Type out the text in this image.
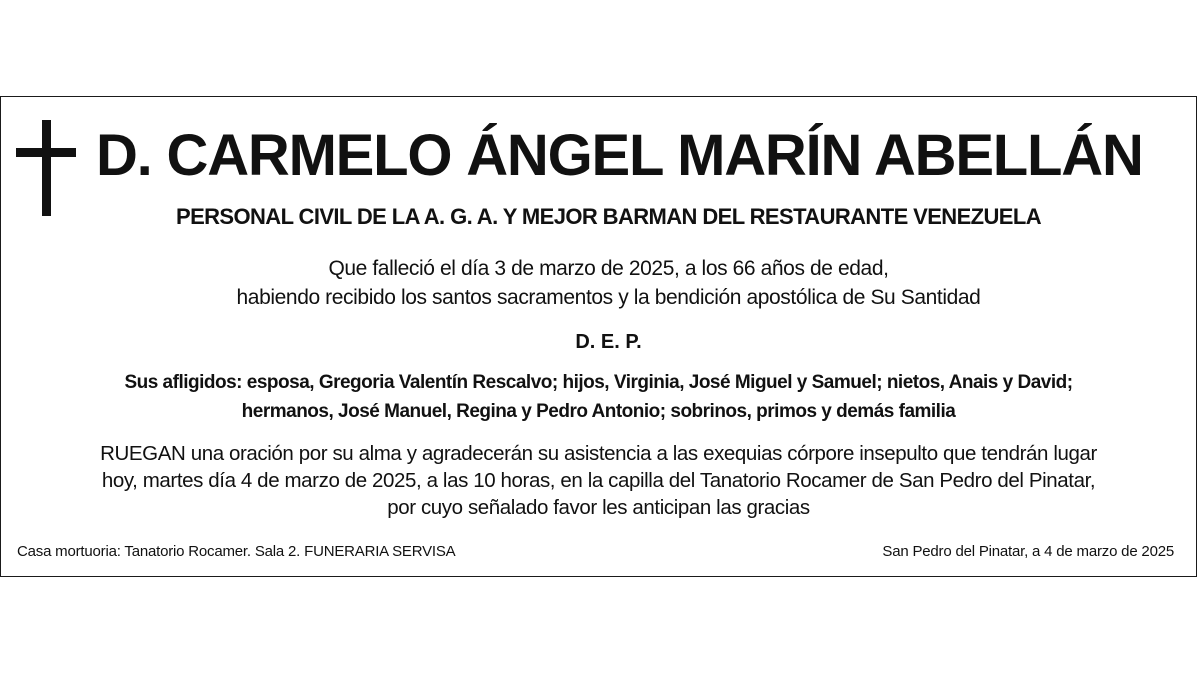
D. CARMELO ÁNGEL MARÍN ABELLÁN
PERSONAL CIVIL DE LA A. G. A. Y MEJOR BARMAN DEL RESTAURANTE VENEZUELA
Que falleció el día 3 de marzo de 2025, a los 66 años de edad,
habiendo recibido los santos sacramentos y la bendición apostólica de Su Santidad
D. E. P.
Sus afligidos: esposa, Gregoria Valentín Rescalvo; hijos, Virginia, José Miguel y Samuel; nietos, Anais y David;
hermanos, José Manuel, Regina y Pedro Antonio; sobrinos, primos y demás familia
RUEGAN una oración por su alma y agradecerán su asistencia a las exequias córpore insepulto que tendrán lugar
hoy, martes día 4 de marzo de 2025, a las 10 horas, en la capilla del Tanatorio Rocamer de San Pedro del Pinatar,
por cuyo señalado favor les anticipan las gracias
Casa mortuoria: Tanatorio Rocamer. Sala 2. FUNERARIA SERVISA	San Pedro del Pinatar, a 4 de marzo de 2025
